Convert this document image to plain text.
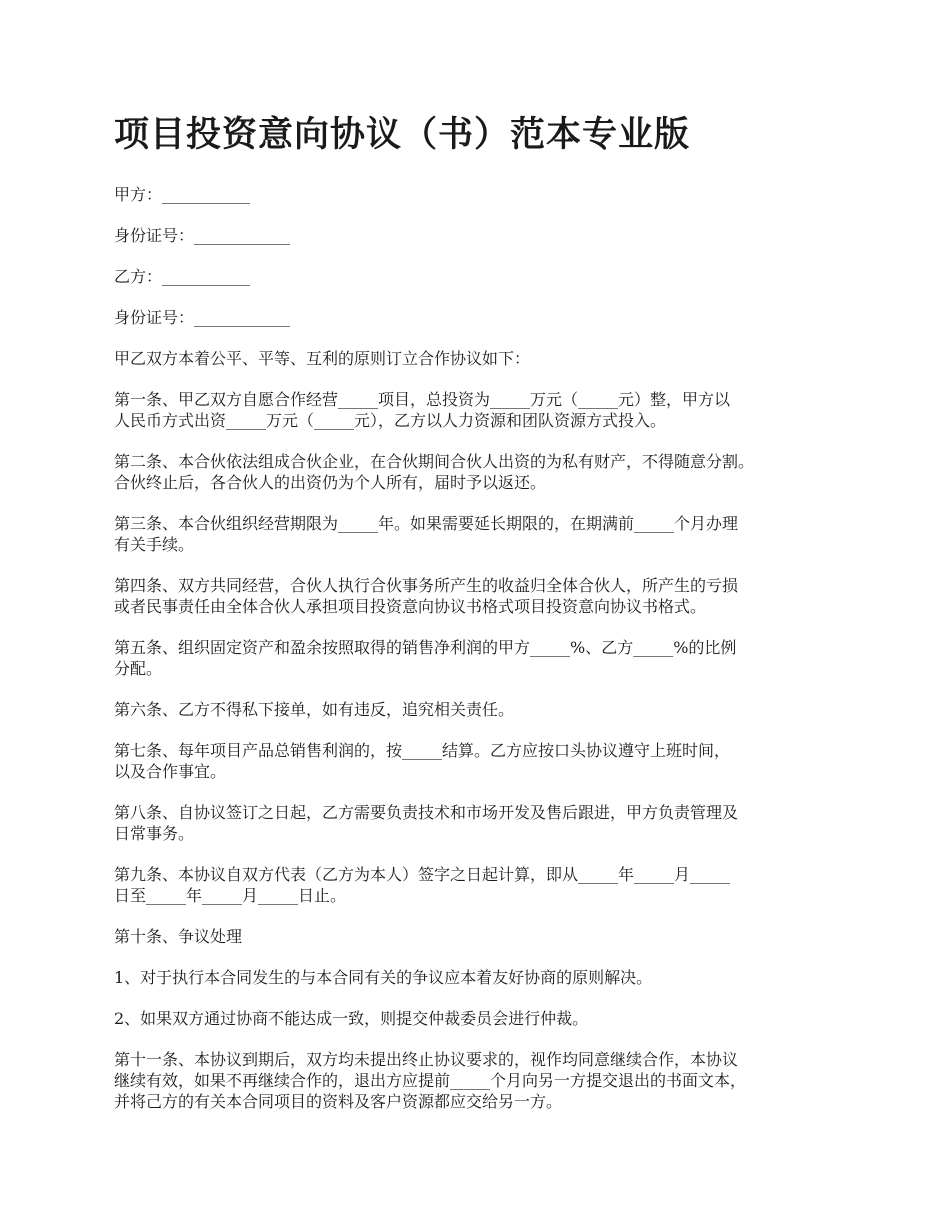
项目投资意向协议（书）范本专业版

甲方：___________

身份证号：____________

乙方：___________

身份证号：____________

甲乙双方本着公平、平等、互利的原则订立合作协议如下：

第一条、甲乙双方自愿合作经营_____项目，总投资为_____万元（_____元）整，甲方以
人民币方式出资_____万元（_____元），乙方以人力资源和团队资源方式投入。

第二条、本合伙依法组成合伙企业，在合伙期间合伙人出资的为私有财产，不得随意分割。
合伙终止后，各合伙人的出资仍为个人所有，届时予以返还。

第三条、本合伙组织经营期限为_____年。如果需要延长期限的，在期满前_____个月办理
有关手续。

第四条、双方共同经营，合伙人执行合伙事务所产生的收益归全体合伙人，所产生的亏损
或者民事责任由全体合伙人承担项目投资意向协议书格式项目投资意向协议书格式。

第五条、组织固定资产和盈余按照取得的销售净利润的甲方_____%、乙方_____%的比例
分配。

第六条、乙方不得私下接单，如有违反，追究相关责任。

第七条、每年项目产品总销售利润的，按_____结算。乙方应按口头协议遵守上班时间，
以及合作事宜。

第八条、自协议签订之日起，乙方需要负责技术和市场开发及售后跟进，甲方负责管理及
日常事务。

第九条、本协议自双方代表（乙方为本人）签字之日起计算，即从_____年_____月_____
日至_____年_____月_____日止。

第十条、争议处理

1、对于执行本合同发生的与本合同有关的争议应本着友好协商的原则解决。

2、如果双方通过协商不能达成一致，则提交仲裁委员会进行仲裁。

第十一条、本协议到期后，双方均未提出终止协议要求的，视作均同意继续合作，本协议
继续有效，如果不再继续合作的，退出方应提前_____个月向另一方提交退出的书面文本，
并将己方的有关本合同项目的资料及客户资源都应交给另一方。
